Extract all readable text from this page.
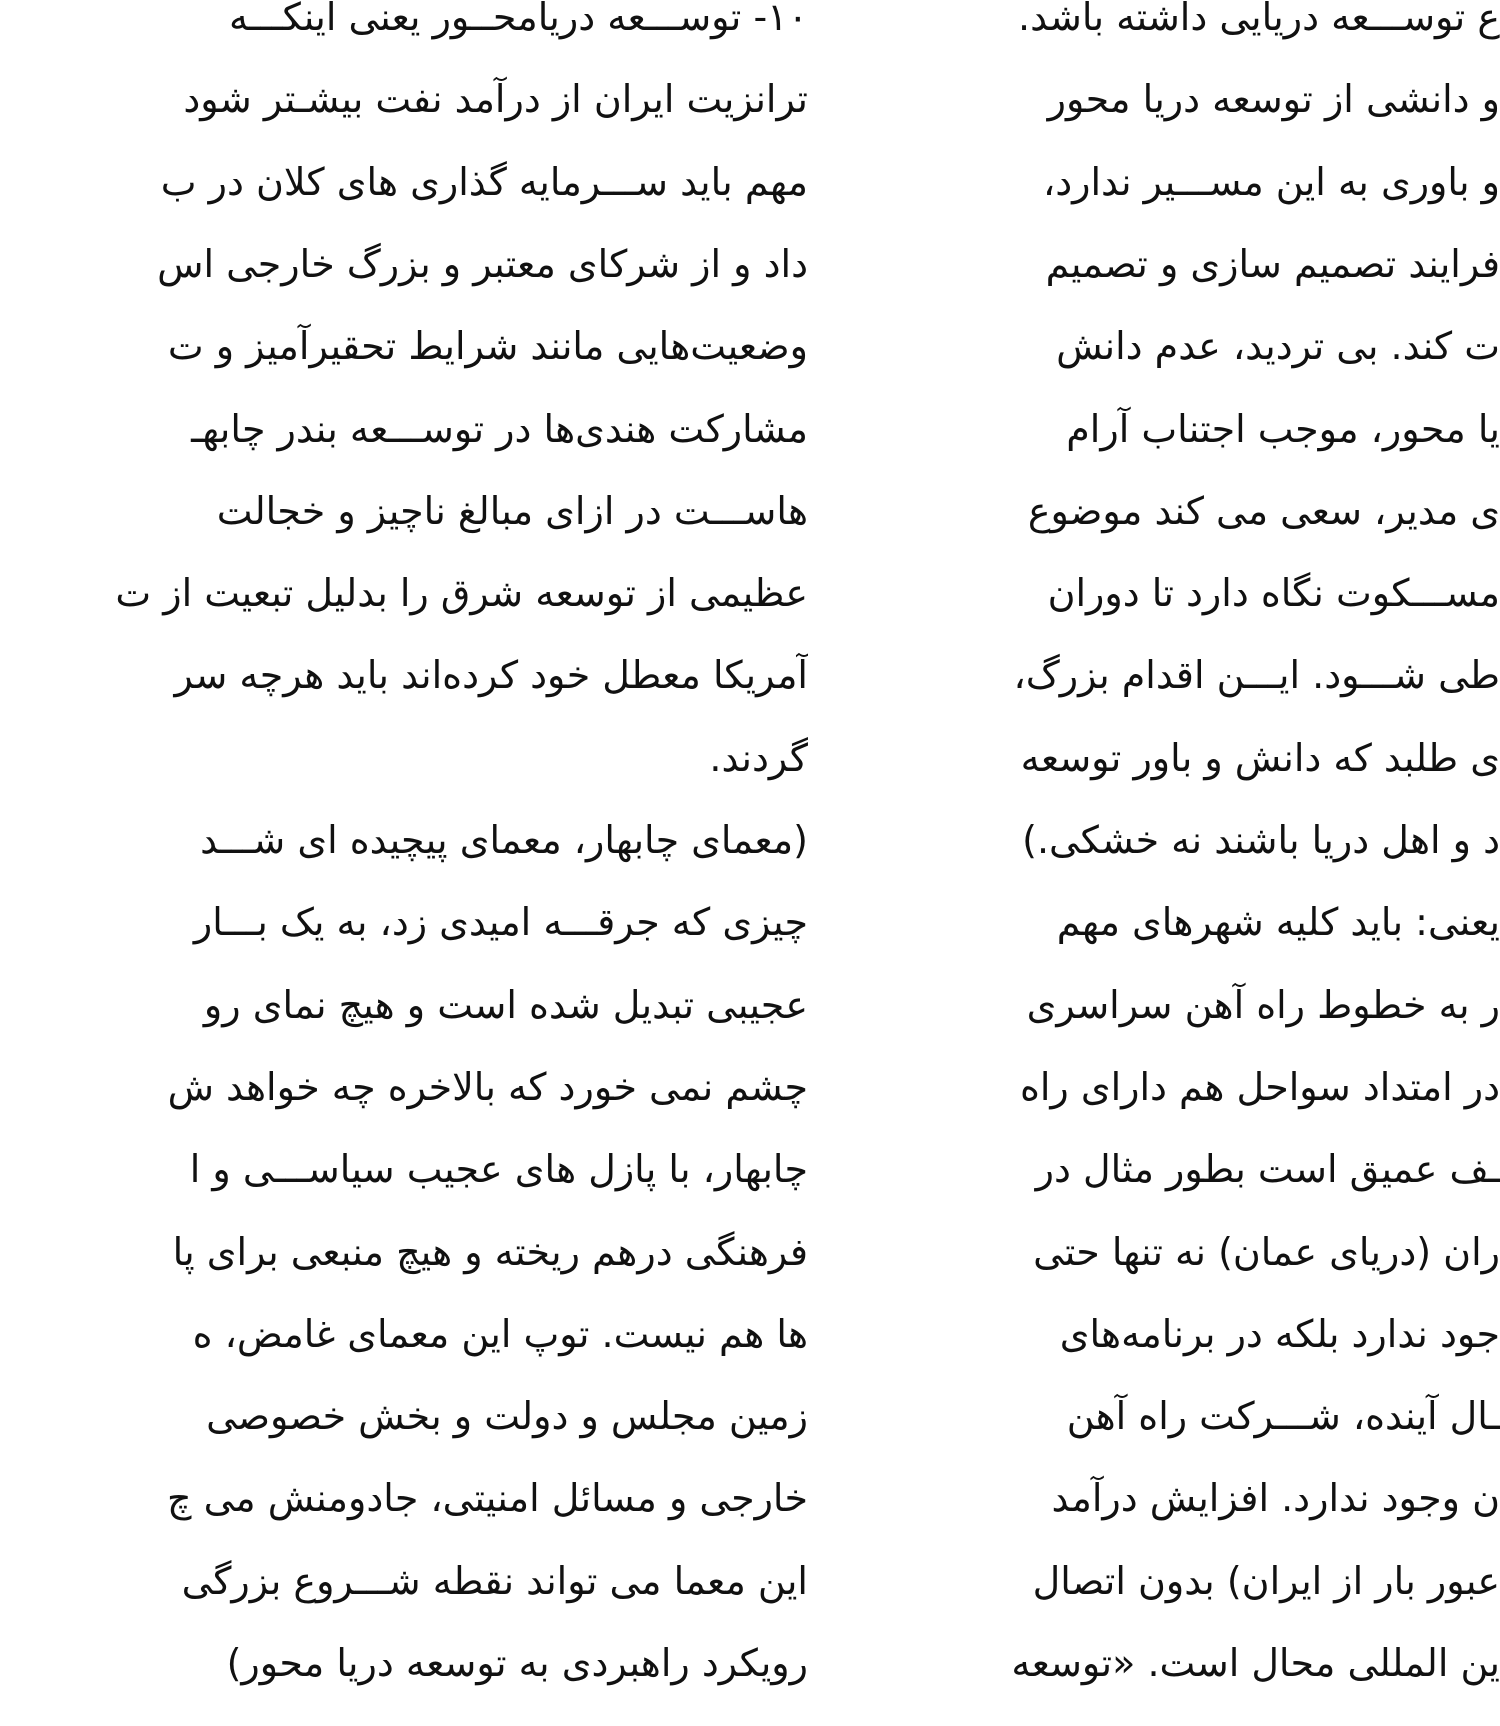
۱۰- توســـعه دریامحــور یعنی اینکـــه
ترانزیت ایران از درآمد نفت بیشـتر شود
مهم باید ســـرمایه گذاری های کلان در ب
داد و از شرکای معتبر و بزرگ خارجی اس
وضعیت‌هایی مانند شرایط تحقیرآمیز و ت
مشارکت هندی‌ها در توســـعه بندر چابهـ
هاســـت در ازای مبالغ ناچیز و خجالت
عظیمی از توسعه شرق را بدلیل تبعیت از ت
آمریکا معطل خود کرده‌اند باید هرچه سر
گردند.
(معمای چابهار، معمای پیچیده ای شـــد
چیزی که جرقـــه امیدی زد، به یک بـــار
عجیبی تبدیل شده است و هیچ نمای رو
چشم نمی خورد که بالاخره چه خواهد ش
چابهار، با پازل های عجیب سیاســـی و ا
فرهنگی درهم ریخته و هیچ منبعی برای پا
ها هم نیست. توپ این معمای غامض، ه
زمین مجلس و دولت و بخش خصوصی
خارجی و مسائل امنیتی، جادومنش می چ
این معما می تواند نقطه شـــروع بزرگی
رویکرد راهبردی به توسعه دریا محور)
ع توســـعه دریایی داشته باشد.
و دانشی از توسعه دریا محور
و باوری به این مســـیر ندارد،
فرایند تصمیم سازی و تصمیم
ت کند. بی تردید، عدم دانش
یا محور، موجب اجتناب آرام
ی مدیر، سعی می کند موضوع
مســـکوت نگاه دارد تا دوران
طی شـــود. ایـــن اقدام بزرگ،
ی طلبد که دانش و باور توسعه
د و اهل دریا باشند نه خشکی.)
یعنی: باید کلیه شهرهای مهم
ر به خطوط راه آهن سراسری
در امتداد سواحل هم دارای راه
ـف عمیق است بطور مثال در
ران (دریای عمان) نه تنها حتی
جود ندارد بلکه در برنامه‌های
ـال آینده، شـــرکت راه آهن
ن وجود ندارد. افزایش درآمد
عبور بار از ایران) بدون اتصال
ین المللی محال است. «توسعه
